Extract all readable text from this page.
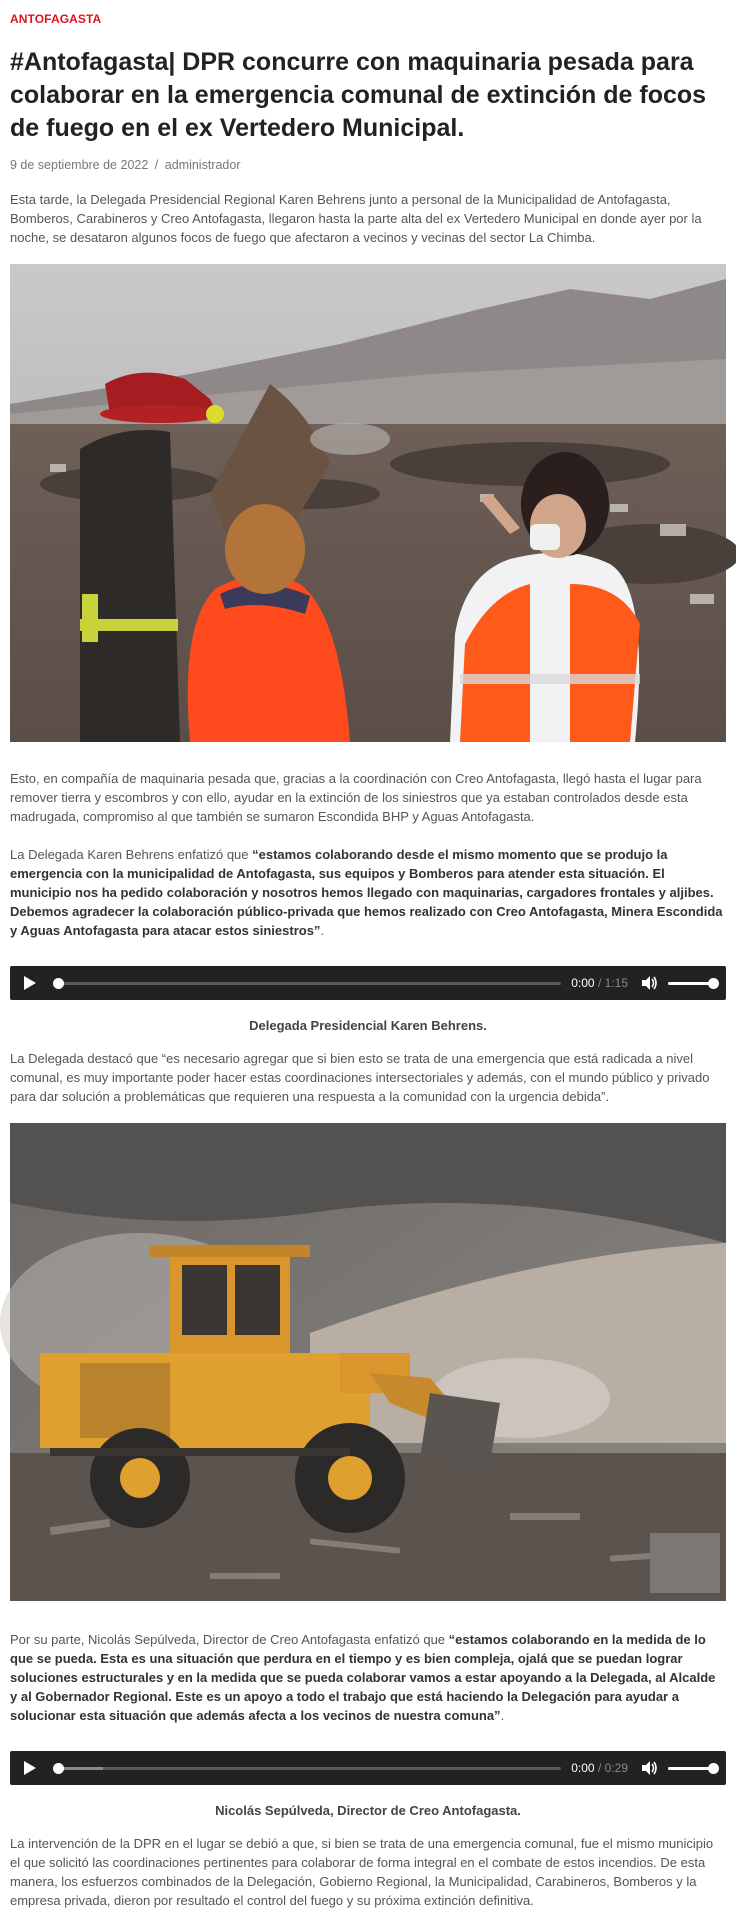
ANTOFAGASTA
#Antofagasta| DPR concurre con maquinaria pesada para colaborar en la emergencia comunal de extinción de focos de fuego en el ex Vertedero Municipal.
9 de septiembre de 2022 / administrador

Esta tarde, la Delegada Presidencial Regional Karen Behrens junto a personal de la Municipalidad de Antofagasta, Bomberos, Carabineros y Creo Antofagasta, llegaron hasta la parte alta del ex Vertedero Municipal en donde ayer por la noche, se desataron algunos focos de fuego que afectaron a vecinos y vecinas del sector La Chimba.

Esto, en compañía de maquinaria pesada que, gracias a la coordinación con Creo Antofagasta, llegó hasta el lugar para remover tierra y escombros y con ello, ayudar en la extinción de los siniestros que ya estaban controlados desde esta madrugada, compromiso al que también se sumaron Escondida BHP y Aguas Antofagasta.

La Delegada Karen Behrens enfatizó que “estamos colaborando desde el mismo momento que se produjo la emergencia con la municipalidad de Antofagasta, sus equipos y Bomberos para atender esta situación. El municipio nos ha pedido colaboración y nosotros hemos llegado con maquinarias, cargadores frontales y aljibes. Debemos agradecer la colaboración público-privada que hemos realizado con Creo Antofagasta, Minera Escondida y Aguas Antofagasta para atacar estos siniestros”.

0:00 / 1:15
Delegada Presidencial Karen Behrens.

La Delegada destacó que “es necesario agregar que si bien esto se trata de una emergencia que está radicada a nivel comunal, es muy importante poder hacer estas coordinaciones intersectoriales y además, con el mundo público y privado para dar solución a problemáticas que requieren una respuesta a la comunidad con la urgencia debida”.

Por su parte, Nicolás Sepúlveda, Director de Creo Antofagasta enfatizó que “estamos colaborando en la medida de lo que se pueda. Esta es una situación que perdura en el tiempo y es bien compleja, ojalá que se puedan lograr soluciones estructurales y en la medida que se pueda colaborar vamos a estar apoyando a la Delegada, al Alcalde y al Gobernador Regional. Este es un apoyo a todo el trabajo que está haciendo la Delegación para ayudar a solucionar esta situación que además afecta a los vecinos de nuestra comuna”.

0:00 / 0:29
Nicolás Sepúlveda, Director de Creo Antofagasta.

La intervención de la DPR en el lugar se debió a que, si bien se trata de una emergencia comunal, fue el mismo municipio el que solicitó las coordinaciones pertinentes para colaborar de forma integral en el combate de estos incendios. De esta manera, los esfuerzos combinados de la Delegación, Gobierno Regional, la Municipalidad, Carabineros, Bomberos y la empresa privada, dieron por resultado el control del fuego y su próxima extinción definitiva.
